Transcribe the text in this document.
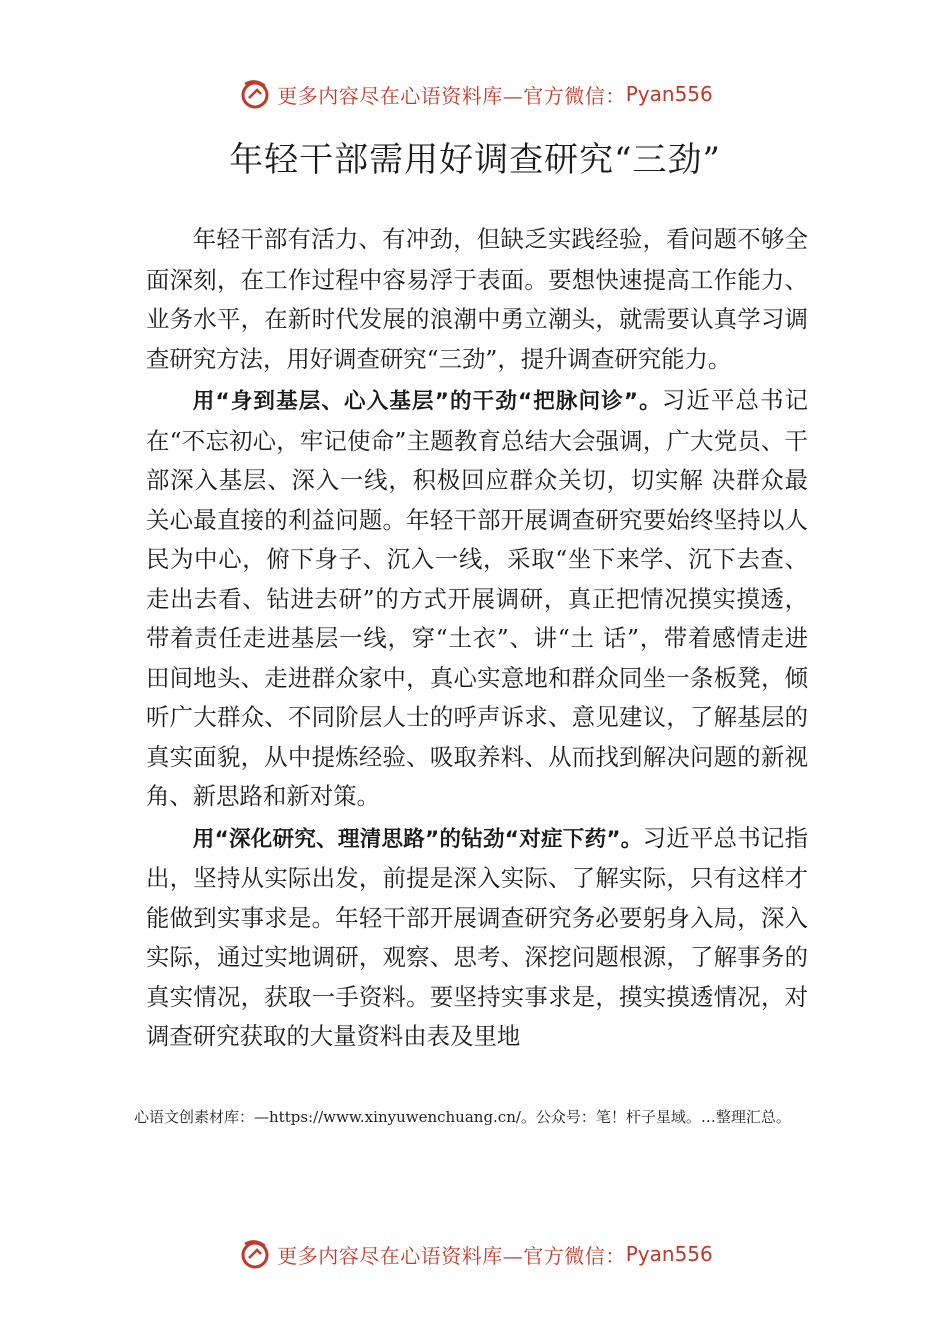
更多内容尽在心语资料库—官方微信： Pyan556
年轻干部需用好调查研究“三劲”

年轻干部有活力、有冲劲，但缺乏实践经验，看问题不够全面深刻，在工作过程中容易浮于表面。要想快速提高工作能力、业务水平，在新时代发展的浪潮中勇立潮头，就需要认真学习调查研究方法，用好调查研究“三劲”，提升调查研究能力。

用“身到基层、心入基层”的干劲“把脉问诊”。习近平总书记在“不忘初心，牢记使命”主题教育总结大会强调，广大党员、干部深入基层、深入一线，积极回应群众关切，切实解 决群众最关心最直接的利益问题。年轻干部开展调查研究要始终坚持以人民为中心，俯下身子、沉入一线，采取“坐下来学、沉下去查、走出去看、钻进去研”的方式开展调研，真正把情况摸实摸透，带着责任走进基层一线，穿“土衣”、讲“土 话”，带着感情走进田间地头、走进群众家中，真心实意地和群众同坐一条板凳，倾听广大群众、不同阶层人士的呼声诉求、意见建议，了解基层的真实面貌，从中提炼经验、吸取养料、从而找到解决问题的新视角、新思路和新对策。

用“深化研究、理清思路”的钻劲“对症下药”。习近平总书记指出，坚持从实际出发，前提是深入实际、了解实际，只有这样才能做到实事求是。年轻干部开展调查研究务必要躬身入局，深入实际，通过实地调研，观察、思考、深挖问题根源，了解事务的真实情况，获取一手资料。要坚持实事求是，摸实摸透情况，对调查研究获取的大量资料由表及里地

心语文创素材库：—https://www.xinyuwenchuang.cn/。公众号：笔！杆子星域。…整理汇总。
更多内容尽在心语资料库—官方微信： Pyan556
